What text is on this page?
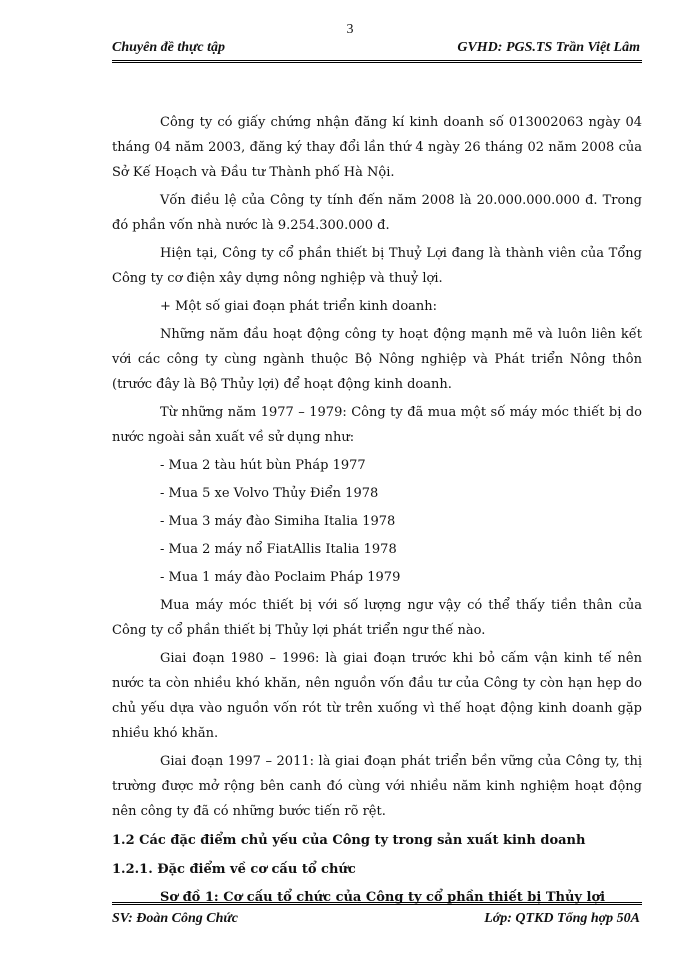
3
Chuyên đề thực tập	GVHD: PGS.TS Trần Việt Lâm

Công ty có giấy chứng nhận đăng kí kinh doanh số 013002063 ngày 04 tháng 04 năm 2003, đăng ký thay đổi lần thứ 4 ngày 26 tháng 02 năm 2008 của Sở Kế Hoạch và Đầu tư Thành phố Hà Nội.

Vốn điều lệ của Công ty tính đến năm 2008 là 20.000.000.000 đ. Trong đó phần vốn nhà nước là 9.254.300.000 đ.

Hiện tại, Công ty cổ phần thiết bị Thuỷ Lợi đang là thành viên của Tổng Công ty cơ điện xây dựng nông nghiệp và thuỷ lợi.

+ Một số giai đoạn phát triển kinh doanh:

Những năm đầu hoạt động công ty hoạt động mạnh mẽ và luôn liên kết với các công ty cùng ngành thuộc Bộ Nông nghiệp và Phát triển Nông thôn (trước đây là Bộ Thủy lợi) để hoạt động kinh doanh.

Từ những năm 1977 – 1979: Công ty đã mua một số máy móc thiết bị do nước ngoài sản xuất về sử dụng như:

- Mua 2 tàu hút bùn Pháp 1977

- Mua 5 xe Volvo Thủy Điển 1978

- Mua 3 máy đào Simiha Italia 1978

- Mua 2 máy nổ FiatAllis Italia 1978

- Mua 1 máy đào Poclaim Pháp 1979

Mua máy móc thiết bị với số lượng ngư vậy có thể thấy tiền thân của Công ty cổ phần thiết bị Thủy lợi phát triển ngư thế nào.

Giai đoạn 1980 – 1996: là giai đoạn trước khi bỏ cấm vận kinh tế nên nước ta còn nhiều khó khăn, nên nguồn vốn đầu tư của Công ty còn hạn hẹp do chủ yếu dựa vào nguồn vốn rót từ trên xuống vì thế hoạt động kinh doanh gặp nhiều khó khăn.

Giai đoạn 1997 – 2011: là giai đoạn phát triển bền vững của Công ty, thị trường được mở rộng bên canh đó cùng với nhiều năm kinh nghiệm hoạt động nên công ty đã có những bước tiến rõ rệt.

1.2 Các đặc điểm chủ yếu của Công ty trong sản xuất kinh doanh

1.2.1. Đặc điểm về cơ cấu tổ chức

Sơ đồ 1: Cơ cấu tổ chức của Công ty cổ phần thiết bị Thủy lợi

SV: Đoàn Công Chức	Lớp: QTKD Tổng hợp 50A
